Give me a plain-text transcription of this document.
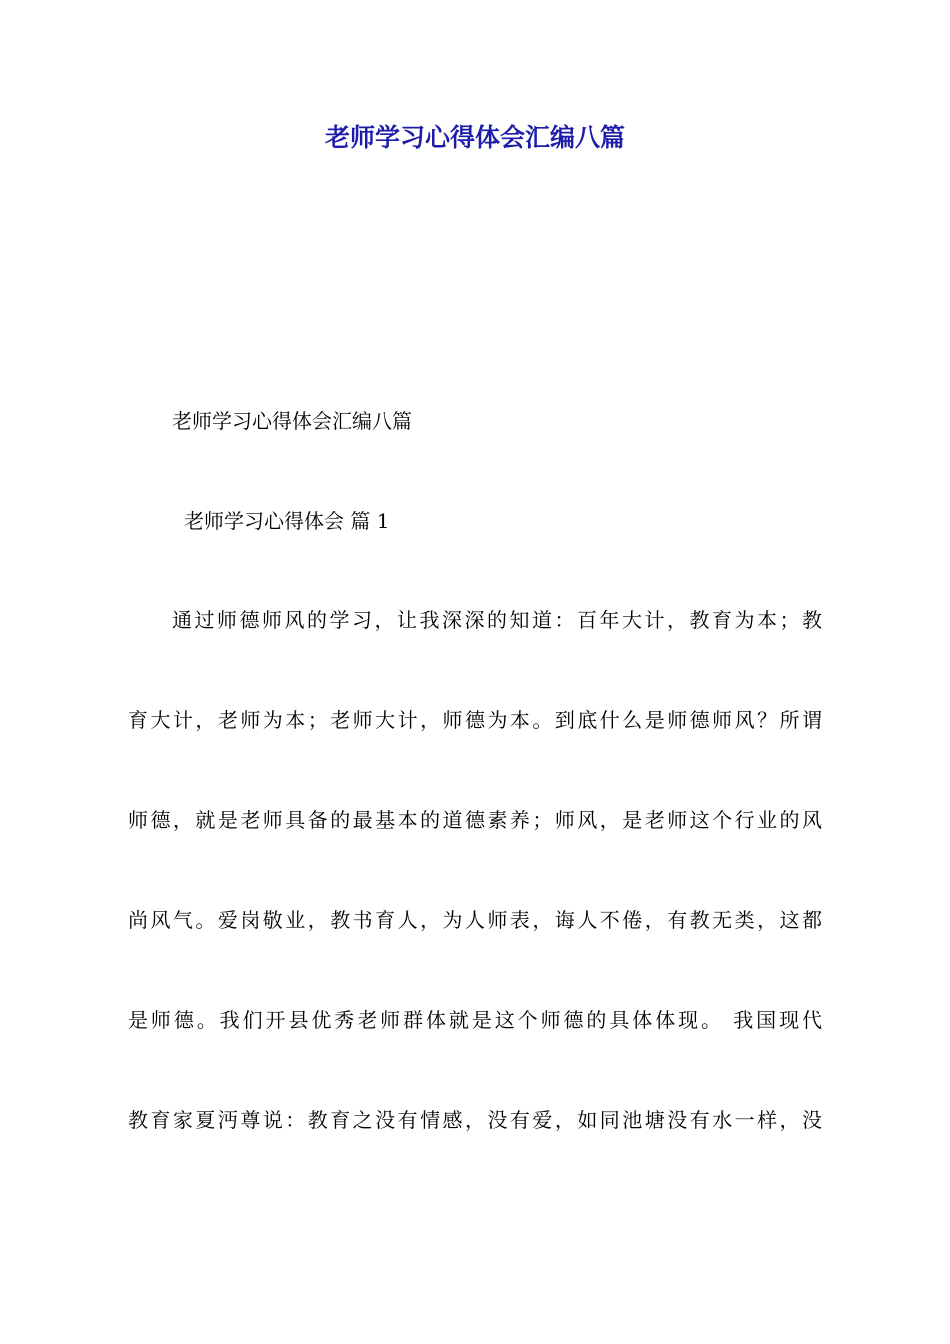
老师学习心得体会汇编八篇

老师学习心得体会汇编八篇

老师学习心得体会 篇 1

通过师德师风的学习，让我深深的知道：百年大计，教育为本；教
育大计，老师为本；老师大计，师德为本。到底什么是师德师风？所谓
师德，就是老师具备的最基本的道德素养；师风，是老师这个行业的风
尚风气。爱岗敬业，教书育人，为人师表，诲人不倦，有教无类，这都
是师德。我们开县优秀老师群体就是这个师德的具体体现。 我国现代
教育家夏沔尊说：教育之没有情感，没有爱，如同池塘没有水一样，没
